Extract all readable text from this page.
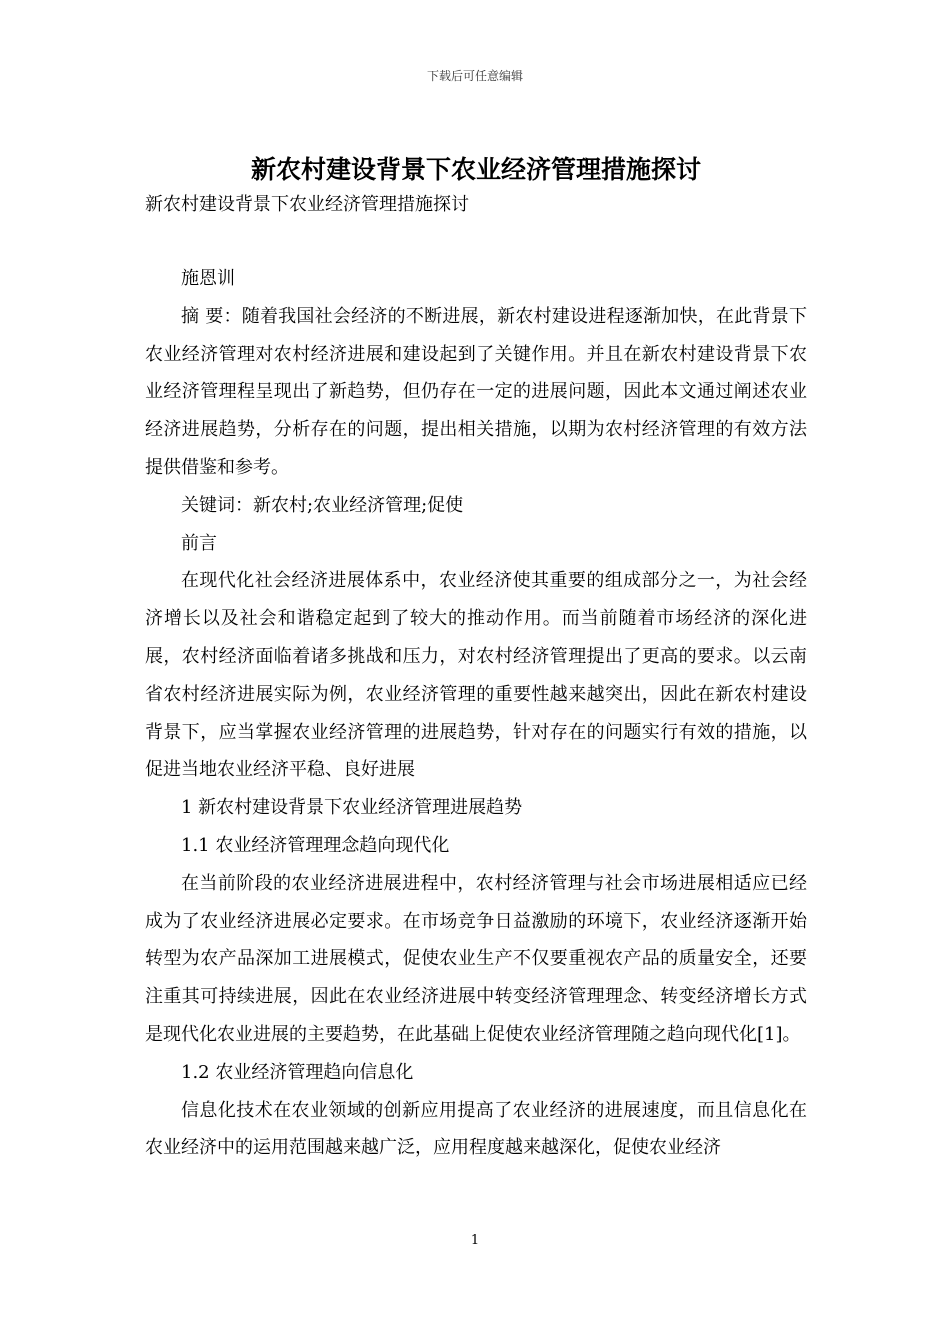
下载后可任意编辑
新农村建设背景下农业经济管理措施探讨

新农村建设背景下农业经济管理措施探讨

施恩训

摘 要：随着我国社会经济的不断进展，新农村建设进程逐渐加快，在此背景下农业经济管理对农村经济进展和建设起到了关键作用。并且在新农村建设背景下农业经济管理程呈现出了新趋势，但仍存在一定的进展问题，因此本文通过阐述农业经济进展趋势，分析存在的问题，提出相关措施，以期为农村经济管理的有效方法提供借鉴和参考。

关键词：新农村;农业经济管理;促使

前言

在现代化社会经济进展体系中，农业经济使其重要的组成部分之一，为社会经济增长以及社会和谐稳定起到了较大的推动作用。而当前随着市场经济的深化进展，农村经济面临着诸多挑战和压力，对农村经济管理提出了更高的要求。以云南省农村经济进展实际为例，农业经济管理的重要性越来越突出，因此在新农村建设背景下，应当掌握农业经济管理的进展趋势，针对存在的问题实行有效的措施，以促进当地农业经济平稳、良好进展

1 新农村建设背景下农业经济管理进展趋势

1.1 农业经济管理理念趋向现代化

在当前阶段的农业经济进展进程中，农村经济管理与社会市场进展相适应已经成为了农业经济进展必定要求。在市场竞争日益激励的环境下，农业经济逐渐开始转型为农产品深加工进展模式，促使农业生产不仅要重视农产品的质量安全，还要注重其可持续进展，因此在农业经济进展中转变经济管理理念、转变经济增长方式是现代化农业进展的主要趋势，在此基础上促使农业经济管理随之趋向现代化[1]。

1.2 农业经济管理趋向信息化

信息化技术在农业领域的创新应用提高了农业经济的进展速度，而且信息化在农业经济中的运用范围越来越广泛，应用程度越来越深化，促使农业经济

1
